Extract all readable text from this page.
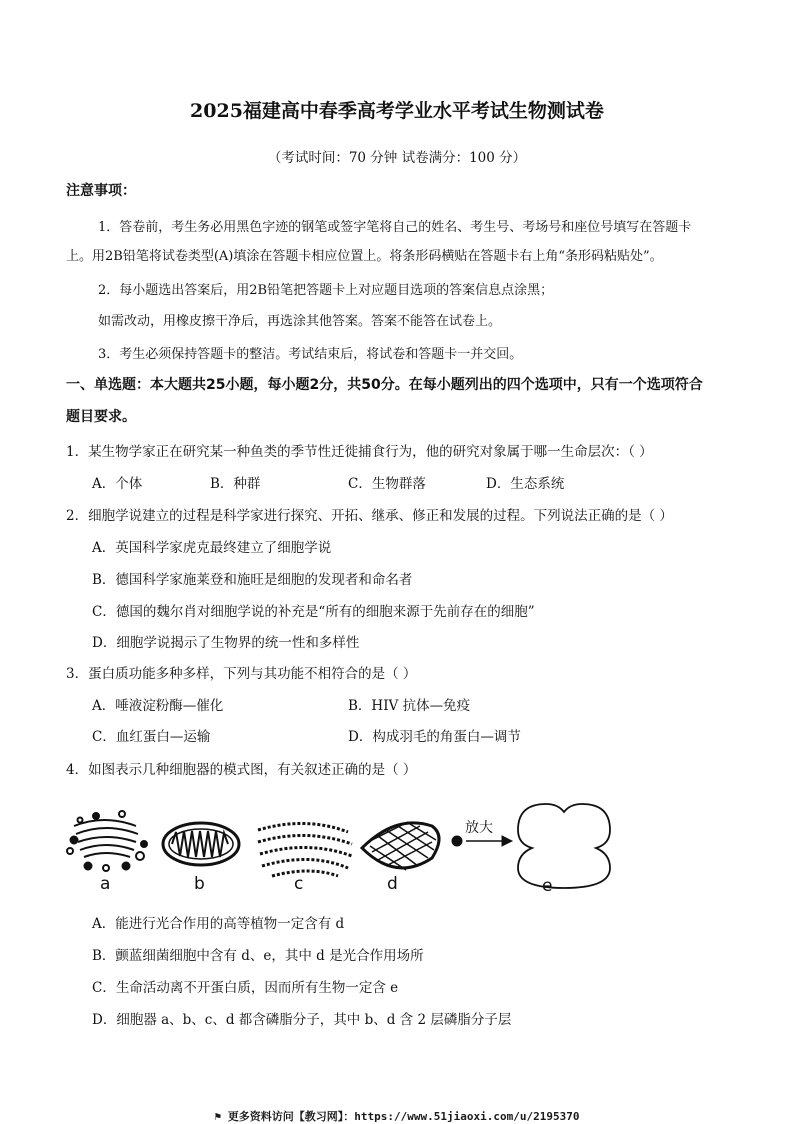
2025福建高中春季高考学业水平考试生物测试卷
（考试时间：70 分钟 试卷满分：100 分）
注意事项：
1．答卷前，考生务必用黑色字迹的钢笔或签字笔将自己的姓名、考生号、考场号和座位号填写在答题卡
上。用2B铅笔将试卷类型(A)填涂在答题卡相应位置上。将条形码横贴在答题卡右上角“条形码粘贴处”。
2．每小题选出答案后，用2B铅笔把答题卡上对应题目选项的答案信息点涂黑；
如需改动，用橡皮擦干净后，再选涂其他答案。答案不能答在试卷上。
3．考生必须保持答题卡的整洁。考试结束后，将试卷和答题卡一并交回。
一、单选题：本大题共25小题，每小题2分，共50分。在每小题列出的四个选项中，只有一个选项符合
题目要求。
1．某生物学家正在研究某一种鱼类的季节性迁徙捕食行为，他的研究对象属于哪一生命层次：（ ）
A．个体	B．种群	C．生物群落	D．生态系统
2．细胞学说建立的过程是科学家进行探究、开拓、继承、修正和发展的过程。下列说法正确的是（ ）
A．英国科学家虎克最终建立了细胞学说
B．德国科学家施莱登和施旺是细胞的发现者和命名者
C．德国的魏尔肖对细胞学说的补充是“所有的细胞来源于先前存在的细胞”
D．细胞学说揭示了生物界的统一性和多样性
3．蛋白质功能多种多样，下列与其功能不相符合的是（ ）
A．唾液淀粉酶—催化	B．HIV 抗体—免疫
C．血红蛋白—运输	D．构成羽毛的角蛋白—调节
4．如图表示几种细胞器的模式图，有关叙述正确的是（ ）
放大
a	b	c	d	e
A．能进行光合作用的高等植物一定含有 d
B．颤蓝细菌细胞中含有 d、e，其中 d 是光合作用场所
C．生命活动离不开蛋白质，因而所有生物一定含 e
D．细胞器 a、b、c、d 都含磷脂分子，其中 b、d 含 2 层磷脂分子层
⚑ 更多资料访问【教习网】：https://www.51jiaoxi.com/u/2195370
